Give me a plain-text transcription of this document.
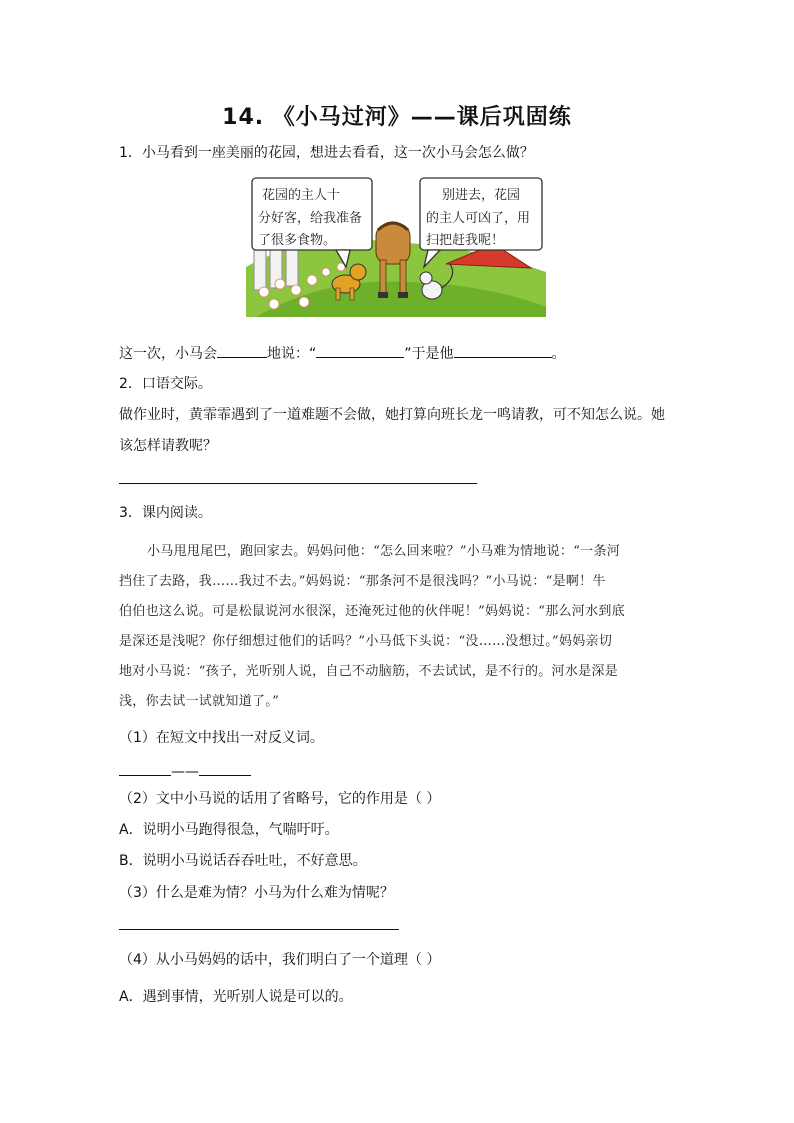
14. 《小马过河》——课后巩固练
1．小马看到一座美丽的花园，想进去看看，这一次小马会怎么做？
花园的主人十
分好客，给我准备
了很多食物。
别进去，花园
的主人可凶了，用
扫把赶我呢！
这一次，小马会	地说：“	”于是他	。
2．口语交际。
做作业时，黄霏霏遇到了一道难题不会做，她打算向班长龙一鸣请教，可不知怎么说。她
该怎样请教呢？
3．课内阅读。
小马甩甩尾巴，跑回家去。妈妈问他：“怎么回来啦？”小马难为情地说：“一条河
挡住了去路，我……我过不去。”妈妈说：“那条河不是很浅吗？”小马说：“是啊！牛
伯伯也这么说。可是松鼠说河水很深，还淹死过他的伙伴呢！”妈妈说：“那么河水到底
是深还是浅呢？你仔细想过他们的话吗？”小马低下头说：“没……没想过。”妈妈亲切
地对小马说：“孩子，光听别人说，自己不动脑筋，不去试试，是不行的。河水是深是
浅，你去试一试就知道了。”
（1）在短文中找出一对反义词。
——
（2）文中小马说的话用了省略号，它的作用是（ ）
A．说明小马跑得很急，气喘吁吁。
B．说明小马说话吞吞吐吐，不好意思。
（3）什么是难为情？小马为什么难为情呢？
（4）从小马妈妈的话中，我们明白了一个道理（ ）
A．遇到事情，光听别人说是可以的。
